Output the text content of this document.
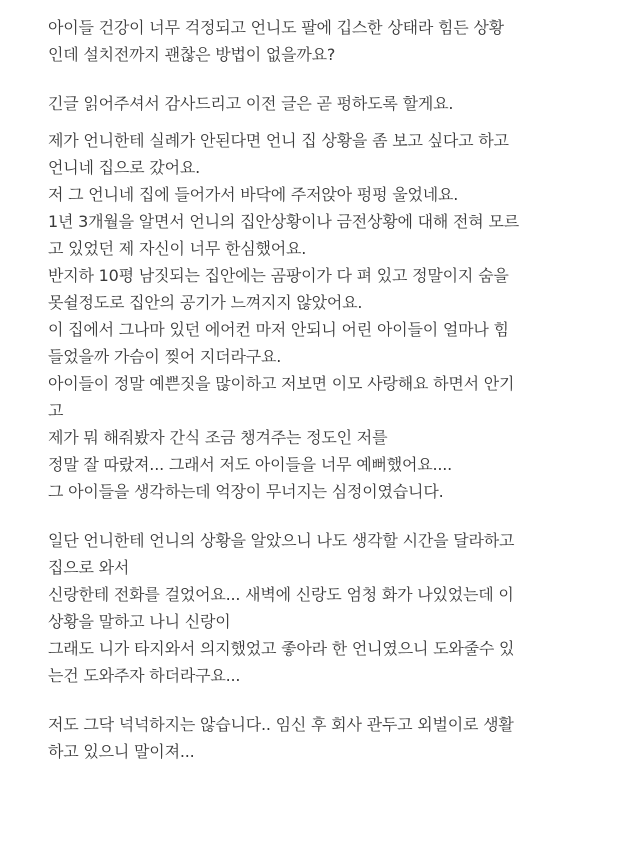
아이들 건강이 너무 걱정되고 언니도 팔에 깁스한 상태라 힘든 상황
인데 설치전까지 괜찮은 방법이 없을까요?
긴글 읽어주셔서 감사드리고 이전 글은 곧 펑하도록 할게요.
제가 언니한테 실례가 안된다면 언니 집 상황을 좀 보고 싶다고 하고
언니네 집으로 갔어요.
저 그 언니네 집에 들어가서 바닥에 주저앉아 펑펑 울었네요.
1년 3개월을 알면서 언니의 집안상황이나 금전상황에 대해 전혀 모르
고 있었던 제 자신이 너무 한심했어요.
반지하 10평 남짓되는 집안에는 곰팡이가 다 펴 있고 정말이지 숨을
못쉴정도로 집안의 공기가 느껴지지 않았어요.
이 집에서 그나마 있던 에어컨 마저 안되니 어린 아이들이 얼마나 힘
들었을까 가슴이 찢어 지더라구요.
아이들이 정말 예쁜짓을 많이하고 저보면 이모 사랑해요 하면서 안기
고
제가 뭐 해줘봤자 간식 조금 챙겨주는 정도인 저를
정말 잘 따랐져... 그래서 저도 아이들을 너무 예뻐했어요....
그 아이들을 생각하는데 억장이 무너지는 심정이였습니다.
일단 언니한테 언니의 상황을 알았으니 나도 생각할 시간을 달라하고
집으로 와서
신랑한테 전화를 걸었어요... 새벽에 신랑도 엄청 화가 나있었는데 이
상황을 말하고 나니 신랑이
그래도 니가 타지와서 의지했었고 좋아라 한 언니였으니 도와줄수 있
는건 도와주자 하더라구요...
저도 그닥 넉넉하지는 않습니다.. 임신 후 회사 관두고 외벌이로 생활
하고 있으니 말이져...
